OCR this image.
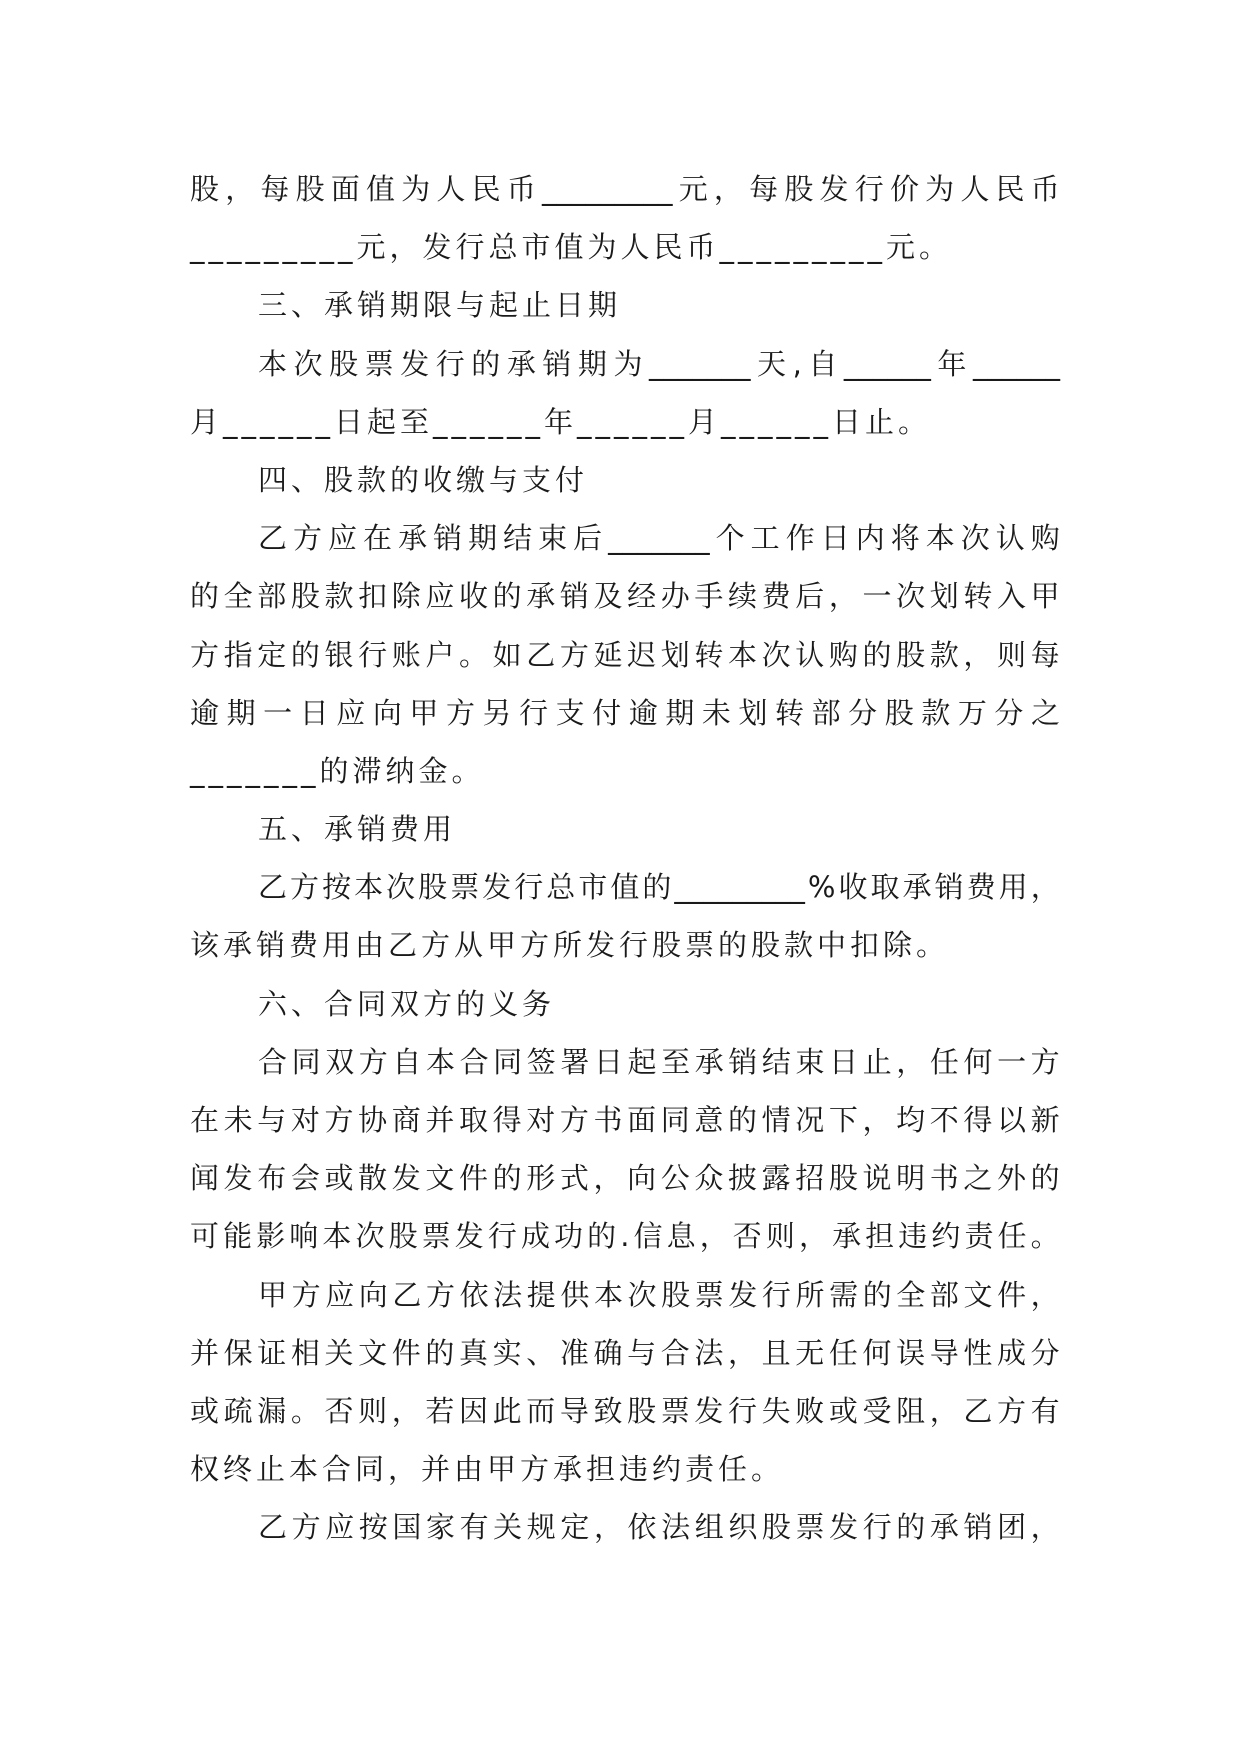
股 ， 每 股 面 值 为 人 民 币 _________ 元 ， 每 股 发 行 价 为 人 民 币
_________元，发行总市值为人民币_________元。
三、承销期限与起止日期
本 次 股 票 发 行 的 承 销 期 为 _______ 天 , 自 ______ 年 ______
月______日起至______年______月______日止。
四、股款的收缴与支付
乙 方 应 在 承 销 期 结 束 后 _______ 个 工 作 日 内 将 本 次 认 购
的 全 部 股 款 扣 除 应 收 的 承 销 及 经 办 手 续 费 后 ， 一 次 划 转 入 甲
方 指 定 的 银 行 账 户 。 如 乙 方 延 迟 划 转 本 次 认 购 的 股 款 ， 则 每
逾 期 一 日 应 向 甲 方 另 行 支 付 逾 期 未 划 转 部 分 股 款 万 分 之
_______的滞纳金。
五、承销费用
乙 方 按 本 次 股 票 发 行 总 市 值 的 _________ % 收 取 承 销 费 用 ，
该承销费用由乙方从甲方所发行股票的股款中扣除。
六、合同双方的义务
合 同 双 方 自 本 合 同 签 署 日 起 至 承 销 结 束 日 止 ， 任 何 一 方
在 未 与 对 方 协 商 并 取 得 对 方 书 面 同 意 的 情 况 下 ， 均 不 得 以 新
闻 发 布 会 或 散 发 文 件 的 形 式 ， 向 公 众 披 露 招 股 说 明 书 之 外 的
可 能 影 响 本 次 股 票 发 行 成 功 的 . 信 息 ， 否 则 ， 承 担 违 约 责 任 。
甲 方 应 向 乙 方 依 法 提 供 本 次 股 票 发 行 所 需 的 全 部 文 件 ，
并 保 证 相 关 文 件 的 真 实 、 准 确 与 合 法 ， 且 无 任 何 误 导 性 成 分
或 疏 漏 。 否 则 ， 若 因 此 而 导 致 股 票 发 行 失 败 或 受 阻 ， 乙 方 有
权终止本合同，并由甲方承担违约责任。
乙 方 应 按 国 家 有 关 规 定 ， 依 法 组 织 股 票 发 行 的 承 销 团 ，
